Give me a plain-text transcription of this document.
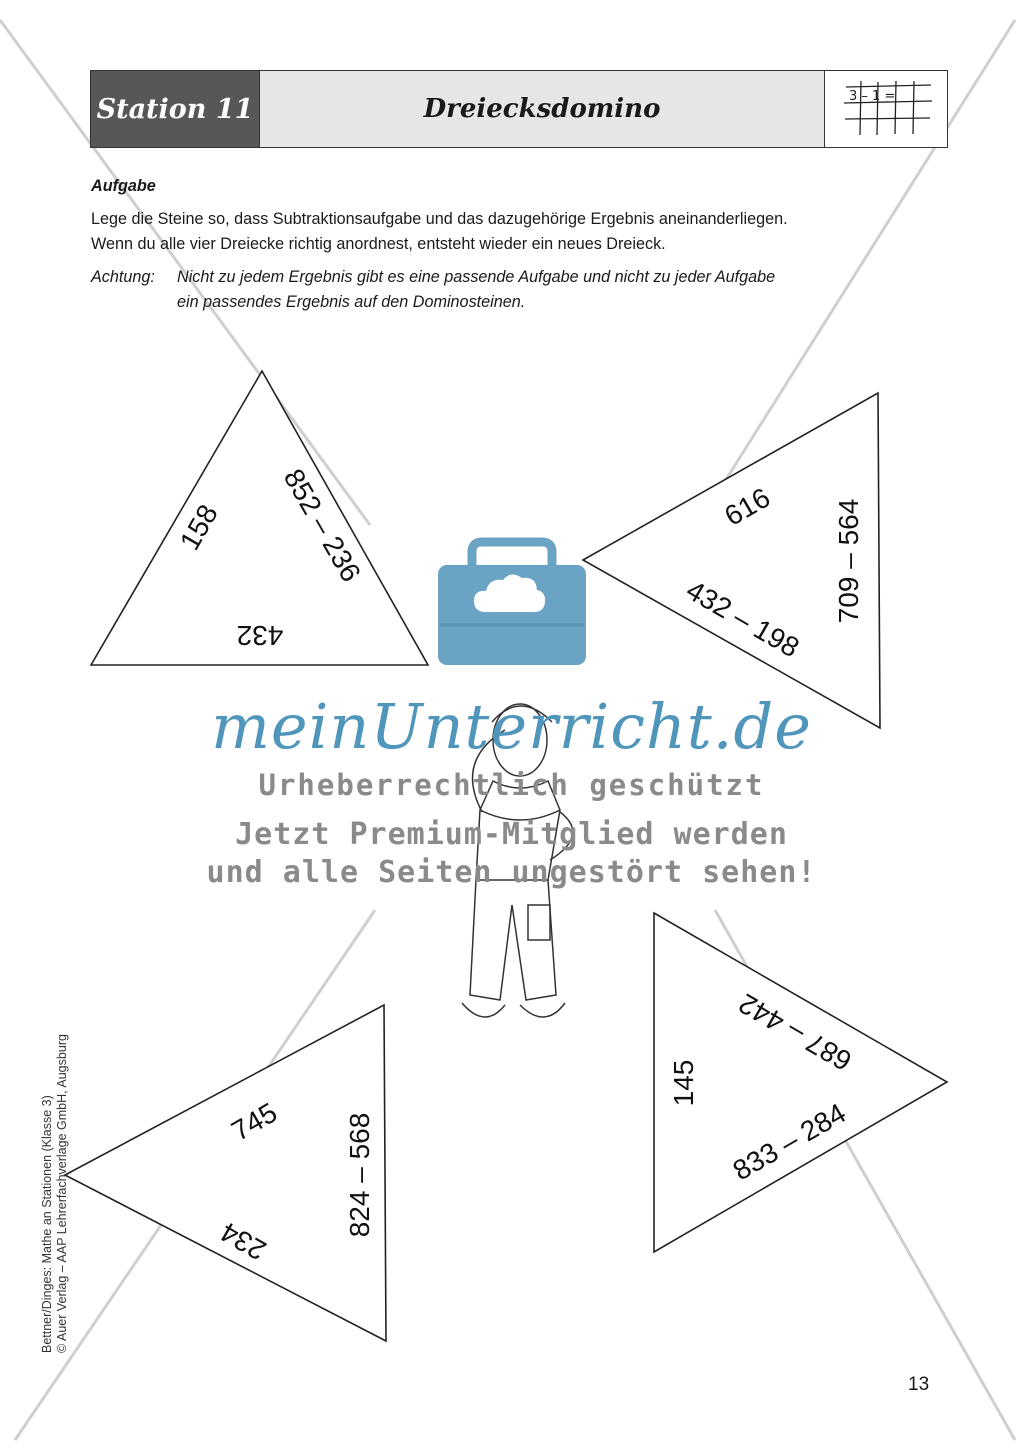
Station 11	Dreiecksdomino	3 – 1 =
Aufgabe
Lege die Steine so, dass Subtraktionsaufgabe und das dazugehörige Ergebnis aneinanderliegen.
Wenn du alle vier Dreiecke richtig anordnest, entsteht wieder ein neues Dreieck.
Achtung:	Nicht zu jedem Ergebnis gibt es eine passende Aufgabe und nicht zu jeder Aufgabe
ein passendes Ergebnis auf den Dominosteinen.
158 852 – 236
432
616 709 – 564
432 – 198
745 824 – 568
234
687 – 442
145
833 – 284
meinUnterricht.de
Urheberrechtlich geschützt
Jetzt Premium-Mitglied werden
und alle Seiten ungestört sehen!
Bettner/Dinges: Mathe an Stationen (Klasse 3) © Auer Verlag – AAP Lehrerfachverlage GmbH, Augsburg
13
